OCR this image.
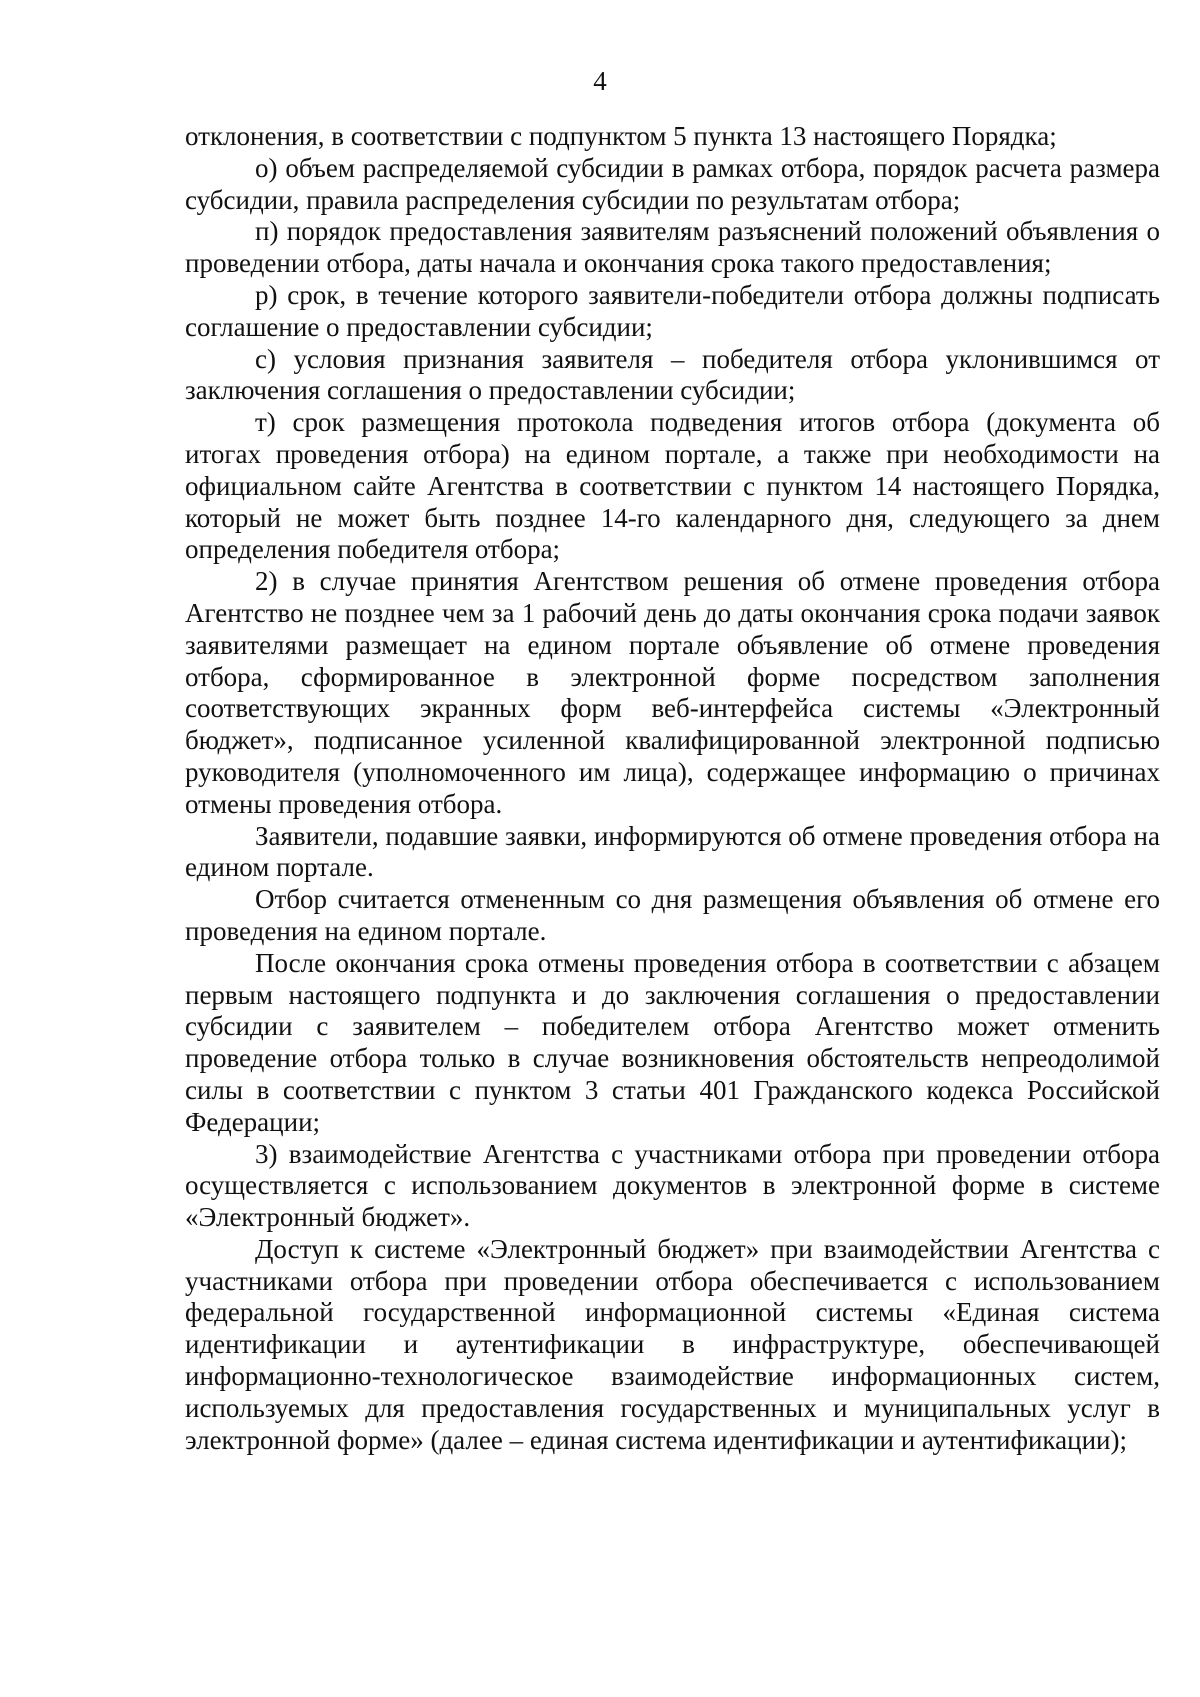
4

отклонения, в соответствии с подпунктом 5 пункта 13 настоящего Порядка;

о) объем распределяемой субсидии в рамках отбора, порядок расчета размера субсидии, правила распределения субсидии по результатам отбора;

п) порядок предоставления заявителям разъяснений положений объявления о проведении отбора, даты начала и окончания срока такого предоставления;

р) срок, в течение которого заявители-победители отбора должны подписать соглашение о предоставлении субсидии;

с) условия признания заявителя – победителя отбора уклонившимся от заключения соглашения о предоставлении субсидии;

т) срок размещения протокола подведения итогов отбора (документа об итогах проведения отбора) на едином портале, а также при необходимости на официальном сайте Агентства в соответствии с пунктом 14 настоящего Порядка, который не может быть позднее 14-го календарного дня, следующего за днем определения победителя отбора;

2) в случае принятия Агентством решения об отмене проведения отбора Агентство не позднее чем за 1 рабочий день до даты окончания срока подачи заявок заявителями размещает на едином портале объявление об отмене проведения отбора, сформированное в электронной форме посредством заполнения соответствующих экранных форм веб-интерфейса системы «Электронный бюджет», подписанное усиленной квалифицированной электронной подписью руководителя (уполномоченного им лица), содержащее информацию о причинах отмены проведения отбора.

Заявители, подавшие заявки, информируются об отмене проведения отбора на едином портале.

Отбор считается отмененным со дня размещения объявления об отмене его проведения на едином портале.

После окончания срока отмены проведения отбора в соответствии с абзацем первым настоящего подпункта и до заключения соглашения о предоставлении субсидии с заявителем – победителем отбора Агентство может отменить проведение отбора только в случае возникновения обстоятельств непреодолимой силы в соответствии с пунктом 3 статьи 401 Гражданского кодекса Российской Федерации;

3) взаимодействие Агентства с участниками отбора при проведении отбора осуществляется с использованием документов в электронной форме в системе «Электронный бюджет».

Доступ к системе «Электронный бюджет» при взаимодействии Агентства с участниками отбора при проведении отбора обеспечивается с использованием федеральной государственной информационной системы «Единая система идентификации и аутентификации в инфраструктуре, обеспечивающей информационно-технологическое взаимодействие информационных систем, используемых для предоставления государственных и муниципальных услуг в электронной форме» (далее – единая система идентификации и аутентификации);
